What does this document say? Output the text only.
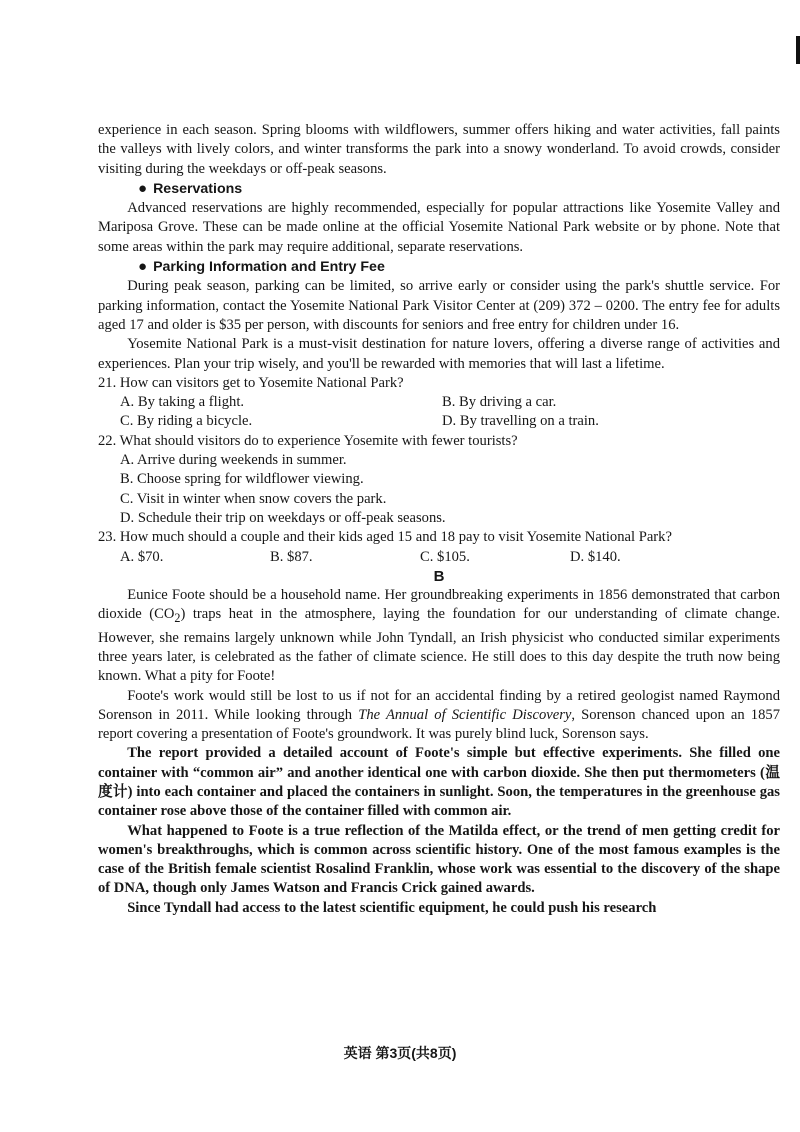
experience in each season. Spring blooms with wildflowers, summer offers hiking and water activities, fall paints the valleys with lively colors, and winter transforms the park into a snowy wonderland. To avoid crowds, consider visiting during the weekdays or off-peak seasons.

● Reservations

Advanced reservations are highly recommended, especially for popular attractions like Yosemite Valley and Mariposa Grove. These can be made online at the official Yosemite National Park website or by phone. Note that some areas within the park may require additional, separate reservations.

● Parking Information and Entry Fee

During peak season, parking can be limited, so arrive early or consider using the park's shuttle service. For parking information, contact the Yosemite National Park Visitor Center at (209) 372 – 0200. The entry fee for adults aged 17 and older is $35 per person, with discounts for seniors and free entry for children under 16.

Yosemite National Park is a must-visit destination for nature lovers, offering a diverse range of activities and experiences. Plan your trip wisely, and you'll be rewarded with memories that will last a lifetime.

21. How can visitors get to Yosemite National Park?

A. By taking a flight.	B. By driving a car.
C. By riding a bicycle.	D. By travelling on a train.

22. What should visitors do to experience Yosemite with fewer tourists?

A. Arrive during weekends in summer.
B. Choose spring for wildflower viewing.
C. Visit in winter when snow covers the park.
D. Schedule their trip on weekdays or off-peak seasons.

23. How much should a couple and their kids aged 15 and 18 pay to visit Yosemite National Park?

A. $70.	B. $87.	C. $105.	D. $140.
B

Eunice Foote should be a household name. Her groundbreaking experiments in 1856 demonstrated that carbon dioxide $(CO_2)$ traps heat in the atmosphere, laying the foundation for our understanding of climate change. However, she remains largely unknown while John Tyndall, an Irish physicist who conducted similar experiments three years later, is celebrated as the father of climate science. He still does to this day despite the truth now being known. What a pity for Foote!

Foote's work would still be lost to us if not for an accidental finding by a retired geologist named Raymond Sorenson in 2011. While looking through The Annual of Scientific Discovery, Sorenson chanced upon an 1857 report covering a presentation of Foote's groundwork. It was purely blind luck, Sorenson says.

The report provided a detailed account of Foote's simple but effective experiments. She filled one container with “common air” and another identical one with carbon dioxide. She then put thermometers (温度计) into each container and placed the containers in sunlight. Soon, the temperatures in the greenhouse gas container rose above those of the container filled with common air.

What happened to Foote is a true reflection of the Matilda effect, or the trend of men getting credit for women's breakthroughs, which is common across scientific history. One of the most famous examples is the case of the British female scientist Rosalind Franklin, whose work was essential to the discovery of the shape of DNA, though only James Watson and Francis Crick gained awards.

Since Tyndall had access to the latest scientific equipment, he could push his research

英语 第3页(共8页)
